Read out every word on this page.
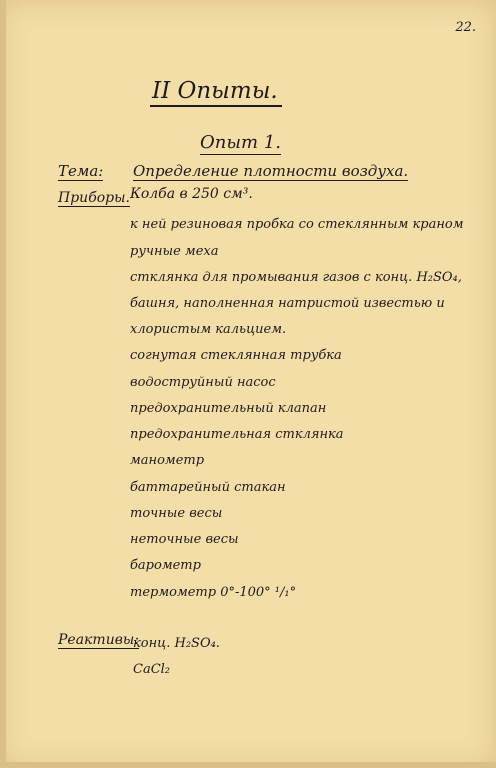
22.
II Опыты.
Опыт 1.
Тема: Определение плотности воздуха.
Приборы. Колба в 250 см³.
к ней резиновая пробка со стеклянным краном
ручные меха
стклянка для промывания газов с конц. H₂SO₄,
башня, наполненная натристой известью и
хлористым кальцием.
согнутая стеклянная трубка
водоструйный насос
предохранительный клапан
предохранительная стклянка
манометр
баттарейный стакан
точные весы
неточные весы
барометр
термометр 0°-100° ¹/₁°
Реактивы:
конц. H₂SO₄.
CaCl₂
